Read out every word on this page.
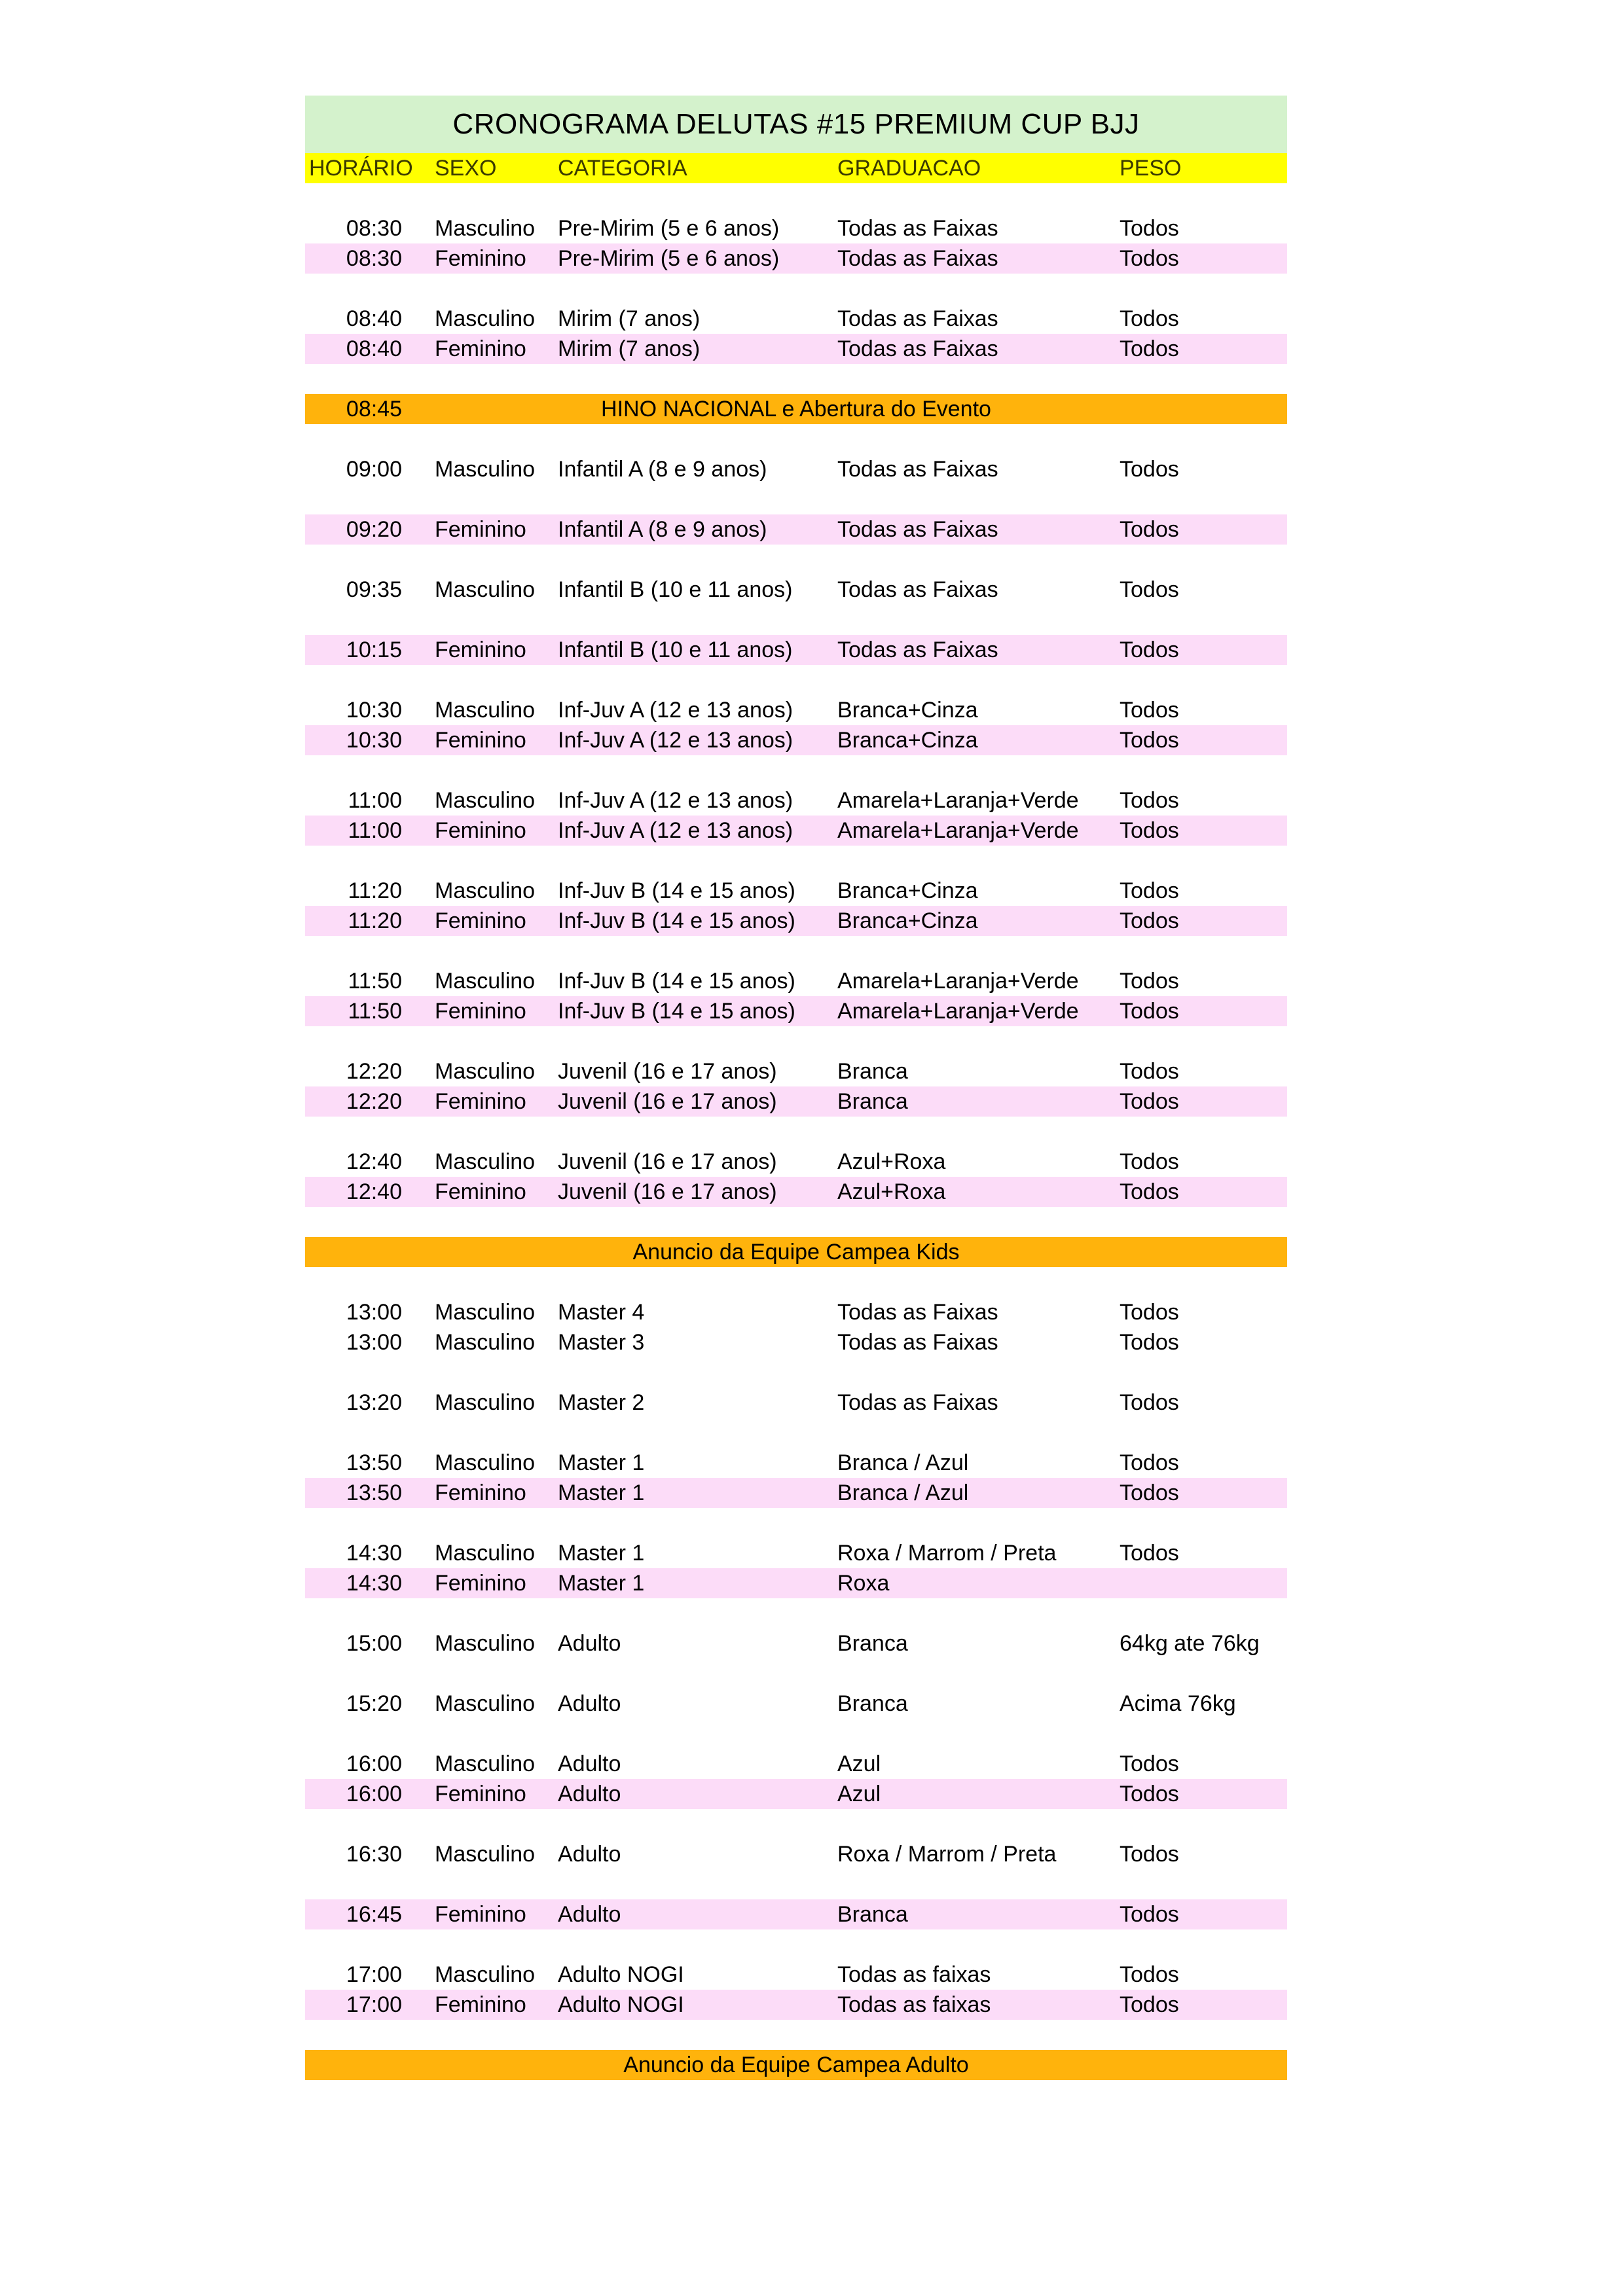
CRONOGRAMA DELUTAS #15 PREMIUM CUP BJJ
HORÁRIO SEXO	CATEGORIA	GRADUACAO	PESO
08:30 Masculino Pre-Mirim (5 e 6 anos)	Todas as Faixas	Todos
08:30 Feminino Pre-Mirim (5 e 6 anos)	Todas as Faixas	Todos
08:40 Masculino Mirim (7 anos)	Todas as Faixas	Todos
08:40 Feminino Mirim (7 anos)	Todas as Faixas	Todos
08:45	HINO NACIONAL e Abertura do Evento
09:00 Masculino Infantil A (8 e 9 anos)	Todas as Faixas	Todos
09:20 Feminino Infantil A (8 e 9 anos)	Todas as Faixas	Todos
09:35 Masculino Infantil B (10 e 11 anos) Todas as Faixas	Todos
10:15 Feminino Infantil B (10 e 11 anos) Todas as Faixas	Todos
10:30 Masculino Inf-Juv A (12 e 13 anos) Branca+Cinza	Todos
10:30 Feminino Inf-Juv A (12 e 13 anos) Branca+Cinza	Todos
11:00 Masculino Inf-Juv A (12 e 13 anos) Amarela+Laranja+Verde Todos
11:00 Feminino Inf-Juv A (12 e 13 anos) Amarela+Laranja+Verde Todos
11:20 Masculino Inf-Juv B (14 e 15 anos) Branca+Cinza	Todos
11:20 Feminino Inf-Juv B (14 e 15 anos) Branca+Cinza	Todos
11:50 Masculino Inf-Juv B (14 e 15 anos) Amarela+Laranja+Verde Todos
11:50 Feminino Inf-Juv B (14 e 15 anos) Amarela+Laranja+Verde Todos
12:20 Masculino Juvenil (16 e 17 anos)	Branca	Todos
12:20 Feminino Juvenil (16 e 17 anos)	Branca	Todos
12:40 Masculino Juvenil (16 e 17 anos)	Azul+Roxa	Todos
12:40 Feminino Juvenil (16 e 17 anos)	Azul+Roxa	Todos
Anuncio da Equipe Campea Kids
13:00 Masculino Master 4	Todas as Faixas	Todos
13:00 Masculino Master 3	Todas as Faixas	Todos
13:20 Masculino Master 2	Todas as Faixas	Todos
13:50 Masculino Master 1	Branca / Azul	Todos
13:50 Feminino Master 1	Branca / Azul	Todos
14:30 Masculino Master 1	Roxa / Marrom / Preta	Todos
14:30 Feminino Master 1	Roxa
15:00 Masculino Adulto	Branca	64kg ate 76kg
15:20 Masculino Adulto	Branca	Acima 76kg
16:00 Masculino Adulto	Azul	Todos
16:00 Feminino Adulto	Azul	Todos
16:30 Masculino Adulto	Roxa / Marrom / Preta	Todos
16:45 Feminino Adulto	Branca	Todos
17:00 Masculino Adulto NOGI	Todas as faixas	Todos
17:00 Feminino Adulto NOGI	Todas as faixas	Todos
Anuncio da Equipe Campea Adulto
